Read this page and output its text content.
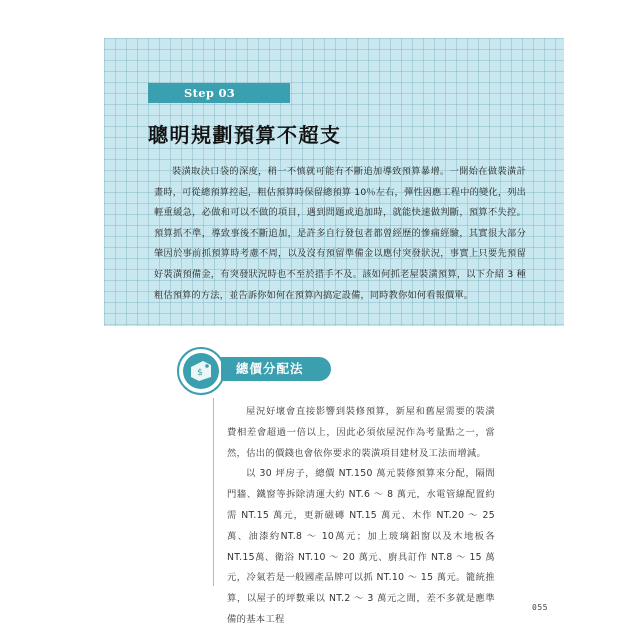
Step 03
聰明規劃預算不超支

裝潢取決口袋的深度，稍一不慎就可能有不斷追加導致預算暴增。一開始在做裝潢計畫時，可從總預算控起，粗估預算時保留總預算 10％左右，彈性因應工程中的變化，列出輕重緩急，必做和可以不做的項目，遇到問題或追加時，就能快速做判斷，預算不失控。預算抓不準，導致事後不斷追加，是許多自行發包者都曾經歷的慘痛經驗，其實很大部分肇因於事前抓預算時考慮不周，以及沒有預留準備金以應付突發狀況，事實上只要先預留好裝潢預備金，有突發狀況時也不至於措手不及。該如何抓老屋裝潢預算，以下介紹 3 種粗估預算的方法，並告訴你如何在預算內搞定設備，同時教你如何看報價單。

$	總價分配法

屋況好壞會直接影響到裝修預算，新屋和舊屋需要的裝潢費相差會超過一倍以上，因此必須依屋況作為考量點之一，當然，估出的價錢也會依你要求的裝潢項目建材及工法而增減。

以 30 坪房子，總價 NT.150 萬元裝修預算來分配，隔間門牆、鐵窗等拆除清運大約 NT.6 ～ 8 萬元，水電管線配置約需 NT.15 萬元，更新磁磚 NT.15 萬元、木作 NT.20 ～ 25 萬、油漆約NT.8 ～ 10萬元；加上玻璃鋁窗以及木地板各 NT.15萬、衛浴 NT.10 ～ 20 萬元、廚具訂作 NT.8 ～ 15 萬元，冷氣若是一般國產品牌可以抓 NT.10 ～ 15 萬元。籠統推算，以屋子的坪數乘以 NT.2 ～ 3 萬元之間，差不多就是應準備的基本工程

055
